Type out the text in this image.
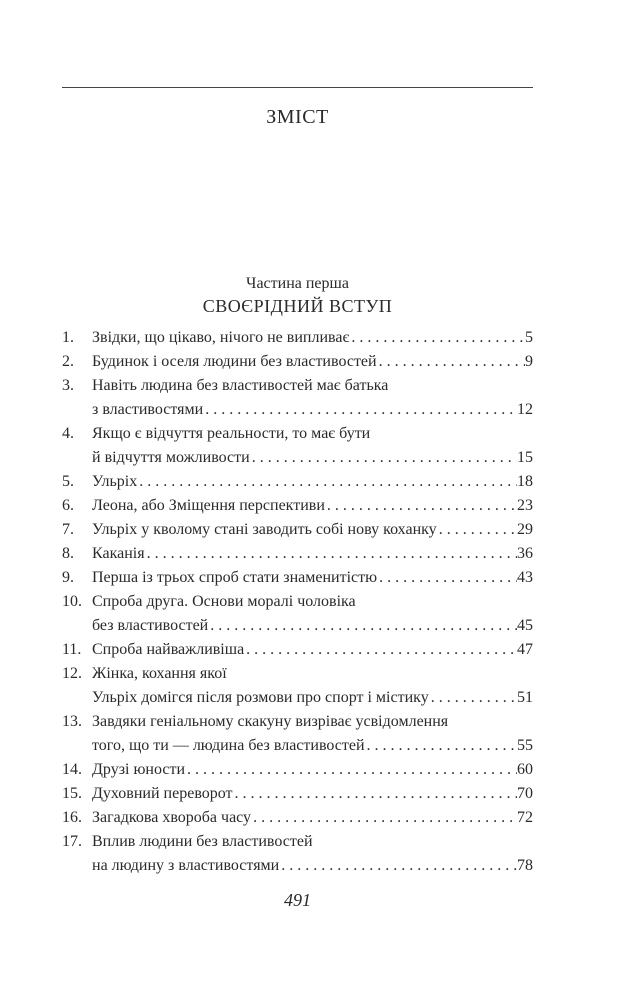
ЗМІСТ
Частина перша
СВОЄРІДНИЙ ВСТУП
1. Звідки, що цікаво, нічого не випливає . . .	5
2. Будинок і оселя людини без властивостей . . .	9
3. Навіть людина без властивостей має батька
з властивостями . . .	12
4. Якщо є відчуття реальности, то має бути
й відчуття можливости . . .	15
5. Ульріх . . .	18
6. Леона, або Зміщення перспективи . . .	23
7. Ульріх у кволому стані заводить собі нову коханку . . .	29
8. Каканія . . .	36
9. Перша із трьох спроб стати знаменитістю . . .	43
10. Спроба друга. Основи моралі чоловіка
без властивостей . . .	45
11. Спроба найважливіша . . .	47
12. Жінка, кохання якої
Ульріх домігся після розмови про спорт і містику . . .	51
13. Завдяки геніальному скакуну визріває усвідомлення
того, що ти — людина без властивостей . . .	55
14. Друзі юности . . .	60
15. Духовний переворот . . .	70
16. Загадкова хвороба часу . . .	72
17. Вплив людини без властивостей
на людину з властивостями . . .	78
491
